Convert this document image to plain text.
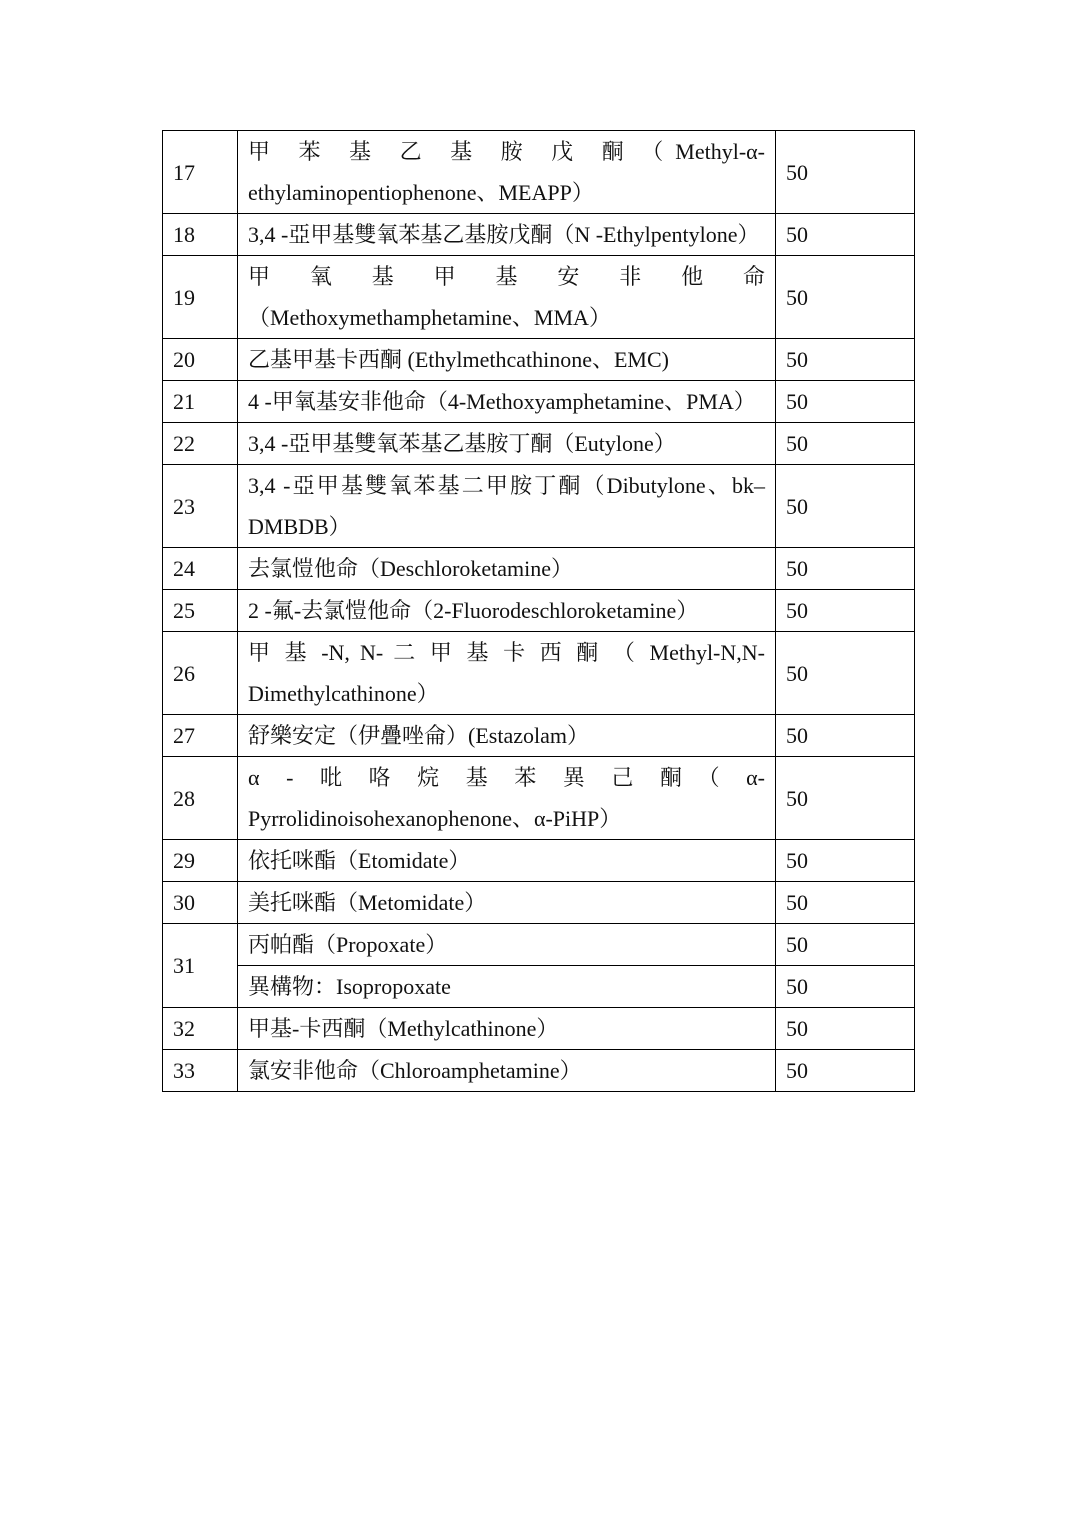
17	甲　苯　基　乙　基　胺　戊　酮　（ Methyl-α-ethylaminopentiophenone、MEAPP）	50
18	3,4 -亞甲基雙氧苯基乙基胺戊酮（N -Ethylpentylone）	50
19	甲　氧　基　甲　基　安　非　他　命（Methoxymethamphetamine、MMA）	50
20	乙基甲基卡西酮 (Ethylmethcathinone、EMC)	50
21	4 -甲氧基安非他命（4-Methoxyamphetamine、PMA）	50
22	3,4 -亞甲基雙氧苯基乙基胺丁酮（Eutylone）	50
23	3,4 -亞甲基雙氧苯基二甲胺丁酮（Dibutylone、bk–DMBDB）	50
24	去氯愷他命（Deschloroketamine）	50
25	2 -氟-去氯愷他命（2-Fluorodeschloroketamine）	50
26	甲 基 -N, N- 二 甲 基 卡 西 酮 （ Methyl-N,N-Dimethylcathinone）	50
27	舒樂安定（伊疊唑侖）(Estazolam）	50
28	α　-　吡　咯　烷　基　苯　異　己　酮　（　α-Pyrrolidinoisohexanophenone、α-PiHP）	50
29	依托咪酯（Etomidate）	50
30	美托咪酯（Metomidate）	50
31	丙帕酯（Propoxate）	50
	異構物：Isopropoxate	50
32	甲基-卡西酮（Methylcathinone）	50
33	氯安非他命（Chloroamphetamine）	50
